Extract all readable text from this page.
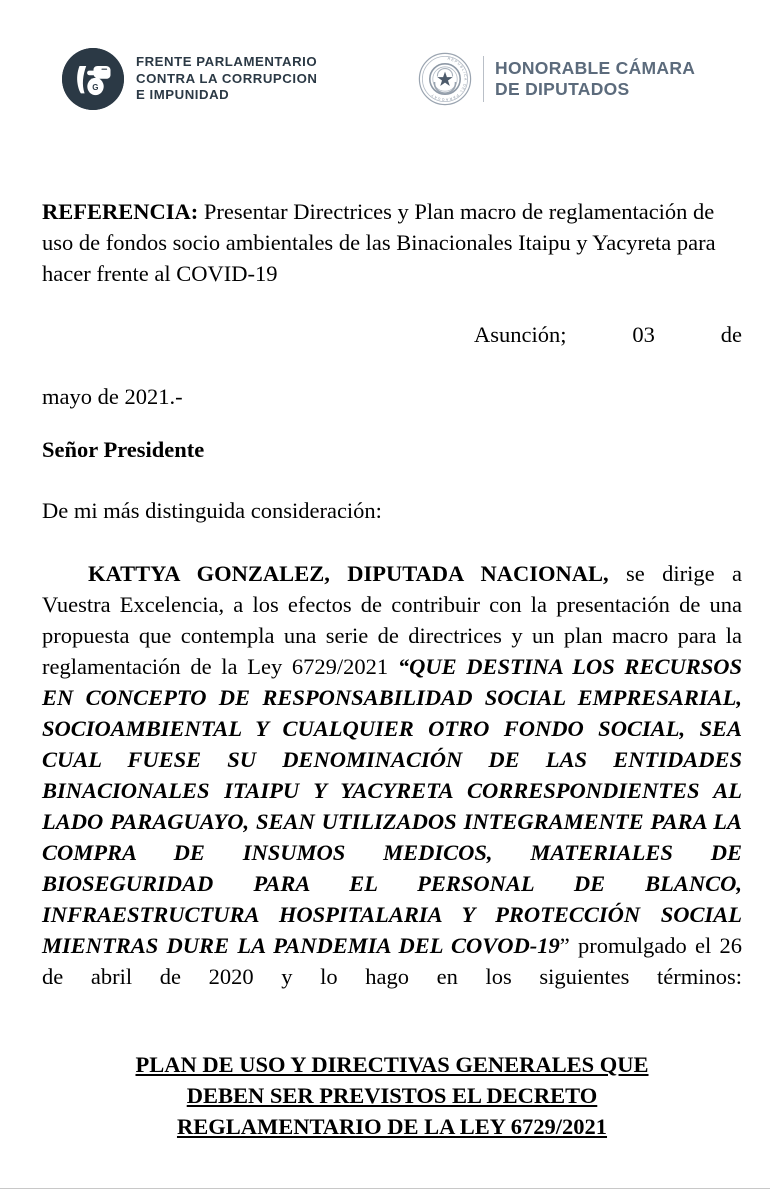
G
FRENTE PARLAMENTARIO
CONTRA LA CORRUPCION
E IMPUNIDAD
REPUBLICA DEL PARAGUAY
HONORABLE CÁMARA
DE DIPUTADOS

REFERENCIA: Presentar Directrices y Plan macro de reglamentación de uso de fondos socio ambientales de las Binacionales Itaipu y Yacyreta para hacer frente al COVID-19

Asunción; 03 de

mayo de 2021.-

Señor Presidente

De mi más distinguida consideración:

KATTYA GONZALEZ, DIPUTADA NACIONAL, se dirige a Vuestra Excelencia, a los efectos de contribuir con la presentación de una propuesta que contempla una serie de directrices y un plan macro para la reglamentación de la Ley 6729/2021 “QUE DESTINA LOS RECURSOS EN CONCEPTO DE RESPONSABILIDAD SOCIAL EMPRESARIAL, SOCIOAMBIENTAL Y CUALQUIER OTRO FONDO SOCIAL, SEA CUAL FUESE SU DENOMINACIÓN DE LAS ENTIDADES BINACIONALES ITAIPU Y YACYRETA CORRESPONDIENTES AL LADO PARAGUAYO, SEAN UTILIZADOS INTEGRAMENTE PARA LA COMPRA DE INSUMOS MEDICOS, MATERIALES DE BIOSEGURIDAD PARA EL PERSONAL DE BLANCO, INFRAESTRUCTURA HOSPITALARIA Y PROTECCIÓN SOCIAL MIENTRAS DURE LA PANDEMIA DEL COVOD-19” promulgado el 26 de abril de 2020 y lo hago en los siguientes términos:

PLAN DE USO Y DIRECTIVAS GENERALES QUE
DEBEN SER PREVISTOS EL DECRETO
REGLAMENTARIO DE LA LEY 6729/2021
